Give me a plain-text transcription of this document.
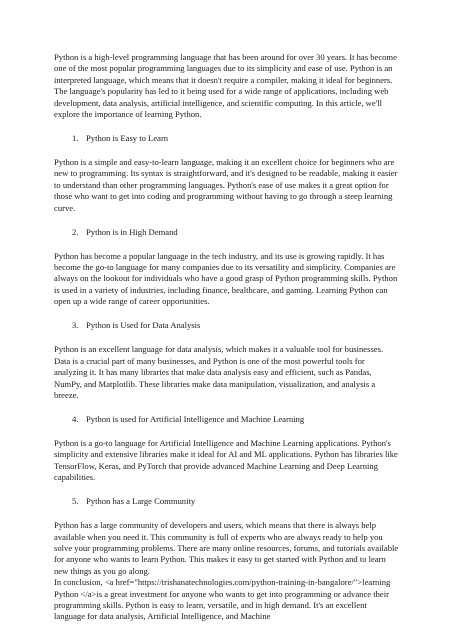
Python is a high-level programming language that has been around for over 30 years. It has become one of the most popular programming languages due to its simplicity and ease of use. Python is an interpreted language, which means that it doesn't require a compiler, making it ideal for beginners. The language's popularity has led to it being used for a wide range of applications, including web development, data analysis, artificial intelligence, and scientific computing. In this article, we'll explore the importance of learning Python.

1. Python is Easy to Learn

Python is a simple and easy-to-learn language, making it an excellent choice for beginners who are new to programming. Its syntax is straightforward, and it's designed to be readable, making it easier to understand than other programming languages. Python's ease of use makes it a great option for those who want to get into coding and programming without having to go through a steep learning curve.

2. Python is in High Demand

Python has become a popular language in the tech industry, and its use is growing rapidly. It has become the go-to language for many companies due to its versatility and simplicity. Companies are always on the lookout for individuals who have a good grasp of Python programming skills. Python is used in a variety of industries, including finance, healthcare, and gaming. Learning Python can open up a wide range of career opportunities.

3. Python is Used for Data Analysis

Python is an excellent language for data analysis, which makes it a valuable tool for businesses. Data is a crucial part of many businesses, and Python is one of the most powerful tools for analyzing it. It has many libraries that make data analysis easy and efficient, such as Pandas, NumPy, and Matplotlib. These libraries make data manipulation, visualization, and analysis a breeze.

4. Python is used for Artificial Intelligence and Machine Learning

Python is a go-to language for Artificial Intelligence and Machine Learning applications. Python's simplicity and extensive libraries make it ideal for AI and ML applications. Python has libraries like TensorFlow, Keras, and PyTorch that provide advanced Machine Learning and Deep Learning capabilities.

5. Python has a Large Community

Python has a large community of developers and users, which means that there is always help available when you need it. This community is full of experts who are always ready to help you solve your programming problems. There are many online resources, forums, and tutorials available for anyone who wants to learn Python. This makes it easy to get started with Python and to learn new things as you go along.

In conclusion, <a href="https://trishanatechnologies.com/python-training-in-bangalore/">learning Python </a>is a great investment for anyone who wants to get into programming or advance their programming skills. Python is easy to learn, versatile, and in high demand. It's an excellent language for data analysis, Artificial Intelligence, and Machine
